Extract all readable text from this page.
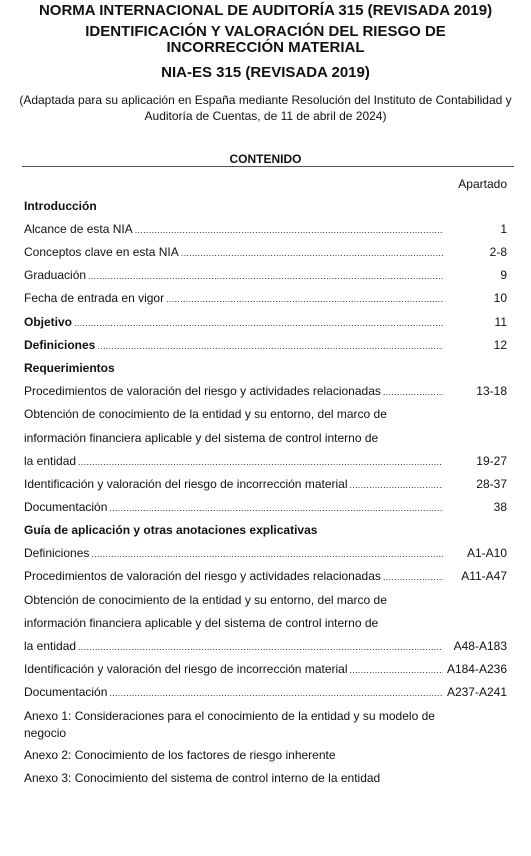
NORMA INTERNACIONAL DE AUDITORÍA 315 (REVISADA 2019)
IDENTIFICACIÓN Y VALORACIÓN DEL RIESGO DE INCORRECCIÓN MATERIAL
NIA-ES 315 (REVISADA 2019)
(Adaptada para su aplicación en España mediante Resolución del Instituto de Contabilidad y Auditoría de Cuentas, de 11 de abril de 2024)
CONTENIDO
Apartado
Introducción
Alcance de esta NIA .....	1
Conceptos clave en esta NIA .....	2-8
Graduación .....	9
Fecha de entrada en vigor .....	10
Objetivo .....	11
Definiciones .....	12
Requerimientos
Procedimientos de valoración del riesgo y actividades relacionadas .....	13-18
Obtención de conocimiento de la entidad y su entorno, del marco de
información financiera aplicable y del sistema de control interno de
la entidad .....	19-27
Identificación y valoración del riesgo de incorrección material .....	28-37
Documentación .....	38
Guía de aplicación y otras anotaciones explicativas
Definiciones .....	A1-A10
Procedimientos de valoración del riesgo y actividades relacionadas .....	A11-A47
Obtención de conocimiento de la entidad y su entorno, del marco de
información financiera aplicable y del sistema de control interno de
la entidad .....	A48-A183
Identificación y valoración del riesgo de incorrección material .....	A184-A236
Documentación .....	A237-A241
Anexo 1: Consideraciones para el conocimiento de la entidad y su modelo de negocio
Anexo 2: Conocimiento de los factores de riesgo inherente
Anexo 3: Conocimiento del sistema de control interno de la entidad
